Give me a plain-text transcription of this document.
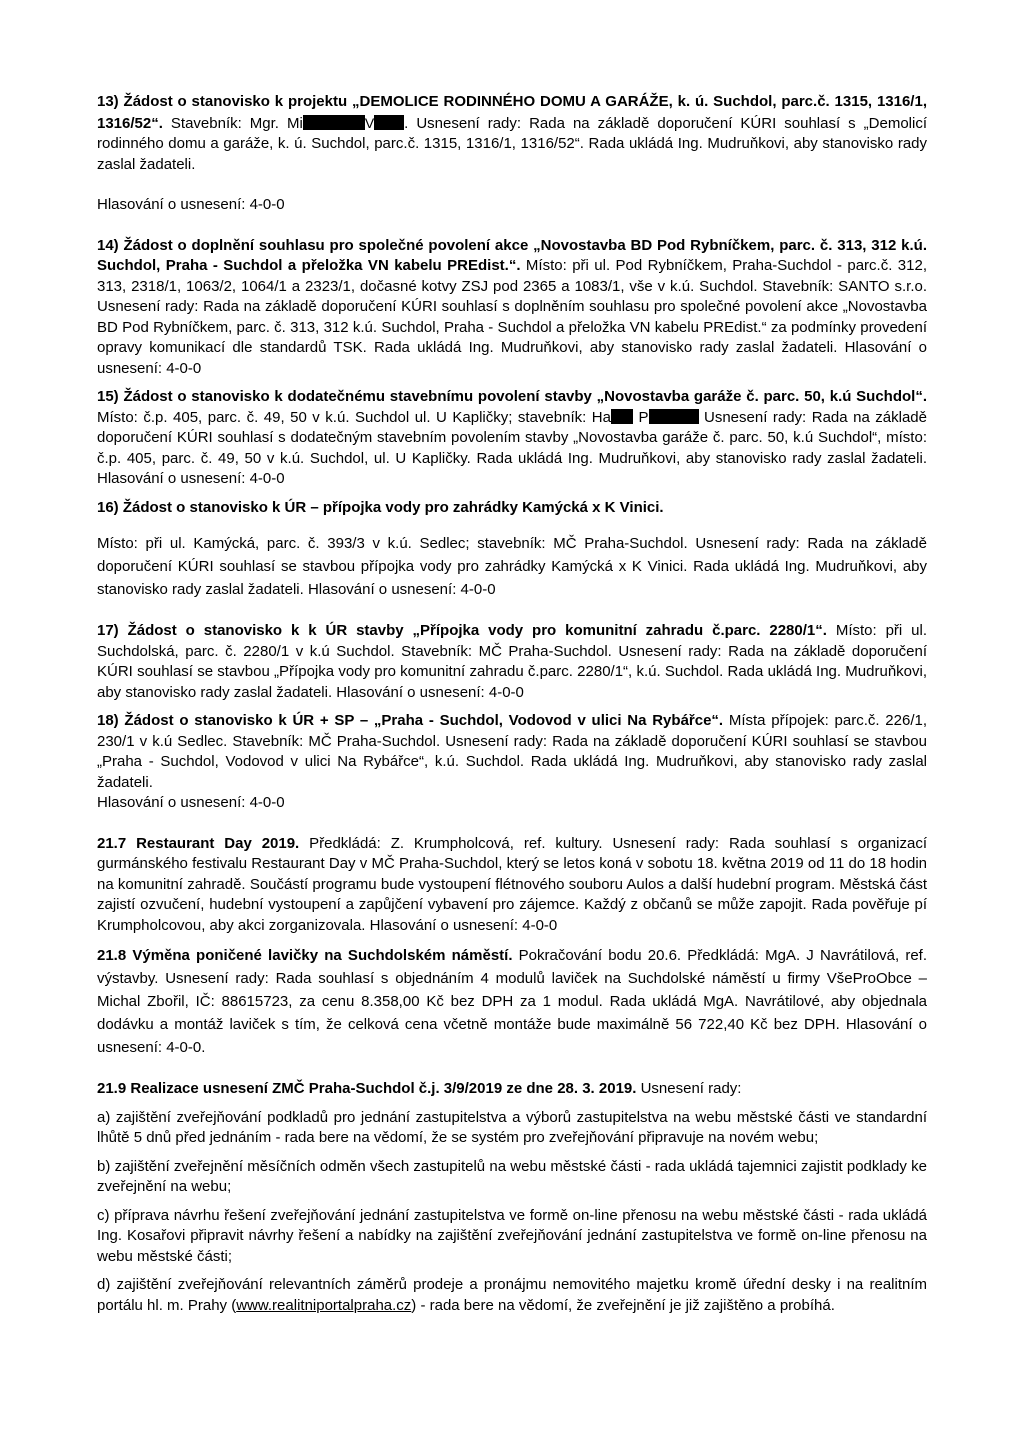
13) Žádost o stanovisko k projektu „DEMOLICE RODINNÉHO DOMU A GARÁŽE, k. ú. Suchdol, parc.č. 1315, 1316/1, 1316/52“. Stavebník: Mgr. Mi	V . Usnesení rady: Rada na základě doporučení KÚRI souhlasí s „Demolicí rodinného domu a garáže, k. ú. Suchdol, parc.č. 1315, 1316/1, 1316/52“. Rada ukládá Ing. Mudruňkovi, aby stanovisko rady zaslal žadateli.

Hlasování o usnesení: 4-0-0

14) Žádost o doplnění souhlasu pro společné povolení akce „Novostavba BD Pod Rybníčkem, parc. č. 313, 312 k.ú. Suchdol, Praha - Suchdol a přeložka VN kabelu PREdist.“. Místo: při ul. Pod Rybníčkem, Praha-Suchdol - parc.č. 312, 313, 2318/1, 1063/2, 1064/1 a 2323/1, dočasné kotvy ZSJ pod 2365 a 1083/1, vše v k.ú. Suchdol. Stavebník: SANTO s.r.o. Usnesení rady: Rada na základě doporučení KÚRI souhlasí s doplněním souhlasu pro společné povolení akce „Novostavba BD Pod Rybníčkem, parc. č. 313, 312 k.ú. Suchdol, Praha - Suchdol a přeložka VN kabelu PREdist.“ za podmínky provedení opravy komunikací dle standardů TSK. Rada ukládá Ing. Mudruňkovi, aby stanovisko rady zaslal žadateli. Hlasování o usnesení: 4-0-0

15) Žádost o stanovisko k dodatečnému stavebnímu povolení stavby „Novostavba garáže č. parc. 50, k.ú Suchdol“. Místo: č.p. 405, parc. č. 49, 50 v k.ú. Suchdol ul. U Kapličky; stavebník: Ha P	Usnesení rady: Rada na základě doporučení KÚRI souhlasí s dodatečným stavebním povolením stavby „Novostavba garáže č. parc. 50, k.ú Suchdol“, místo: č.p. 405, parc. č. 49, 50 v k.ú. Suchdol, ul. U Kapličky. Rada ukládá Ing. Mudruňkovi, aby stanovisko rady zaslal žadateli. Hlasování o usnesení: 4-0-0

16) Žádost o stanovisko k ÚR – přípojka vody pro zahrádky Kamýcká x K Vinici.

Místo: při ul. Kamýcká, parc. č. 393/3 v k.ú. Sedlec; stavebník: MČ Praha-Suchdol. Usnesení rady: Rada na základě doporučení KÚRI souhlasí se stavbou přípojka vody pro zahrádky Kamýcká x K Vinici. Rada ukládá Ing. Mudruňkovi, aby stanovisko rady zaslal žadateli. Hlasování o usnesení: 4-0-0

17) Žádost o stanovisko k k ÚR stavby „Přípojka vody pro komunitní zahradu č.parc. 2280/1“. Místo: při ul. Suchdolská, parc. č. 2280/1 v k.ú Suchdol. Stavebník: MČ Praha-Suchdol. Usnesení rady: Rada na základě doporučení KÚRI souhlasí se stavbou „Přípojka vody pro komunitní zahradu č.parc. 2280/1“, k.ú. Suchdol. Rada ukládá Ing. Mudruňkovi, aby stanovisko rady zaslal žadateli. Hlasování o usnesení: 4-0-0

18) Žádost o stanovisko k ÚR + SP – „Praha - Suchdol, Vodovod v ulici Na Rybářce“. Místa přípojek: parc.č. 226/1, 230/1 v k.ú Sedlec. Stavebník: MČ Praha-Suchdol. Usnesení rady: Rada na základě doporučení KÚRI souhlasí se stavbou „Praha - Suchdol, Vodovod v ulici Na Rybářce“, k.ú. Suchdol. Rada ukládá Ing. Mudruňkovi, aby stanovisko rady zaslal žadateli.

Hlasování o usnesení: 4-0-0

21.7 Restaurant Day 2019. Předkládá: Z. Krumpholcová, ref. kultury. Usnesení rady: Rada souhlasí s organizací gurmánského festivalu Restaurant Day v MČ Praha-Suchdol, který se letos koná v sobotu 18. května 2019 od 11 do 18 hodin na komunitní zahradě. Součástí programu bude vystoupení flétnového souboru Aulos a další hudební program. Městská část zajistí ozvučení, hudební vystoupení a zapůjčení vybavení pro zájemce. Každý z občanů se může zapojit. Rada pověřuje pí Krumpholcovou, aby akci zorganizovala. Hlasování o usnesení: 4-0-0

21.8 Výměna poničené lavičky na Suchdolském náměstí. Pokračování bodu 20.6. Předkládá: MgA. J Navrátilová, ref. výstavby. Usnesení rady: Rada souhlasí s objednáním 4 modulů laviček na Suchdolské náměstí u firmy VšeProObce – Michal Zbořil, IČ: 88615723, za cenu 8.358,00 Kč bez DPH za 1 modul. Rada ukládá MgA. Navrátilové, aby objednala dodávku a montáž laviček s tím, že celková cena včetně montáže bude maximálně 56 722,40 Kč bez DPH. Hlasování o usnesení: 4-0-0.

21.9 Realizace usnesení ZMČ Praha-Suchdol č.j. 3/9/2019 ze dne 28. 3. 2019. Usnesení rady:

a) zajištění zveřejňování podkladů pro jednání zastupitelstva a výborů zastupitelstva na webu městské části ve standardní lhůtě 5 dnů před jednáním - rada bere na vědomí, že se systém pro zveřejňování připravuje na novém webu;

b) zajištění zveřejnění měsíčních odměn všech zastupitelů na webu městské části - rada ukládá tajemnici zajistit podklady ke zveřejnění na webu;

c) příprava návrhu řešení zveřejňování jednání zastupitelstva ve formě on-line přenosu na webu městské části - rada ukládá Ing. Kosařovi připravit návrhy řešení a nabídky na zajištění zveřejňování jednání zastupitelstva ve formě on-line přenosu na webu městské části;

d) zajištění zveřejňování relevantních záměrů prodeje a pronájmu nemovitého majetku kromě úřední desky i na realitním portálu hl. m. Prahy (www.realitniportalpraha.cz) - rada bere na vědomí, že zveřejnění je již zajištěno a probíhá.
